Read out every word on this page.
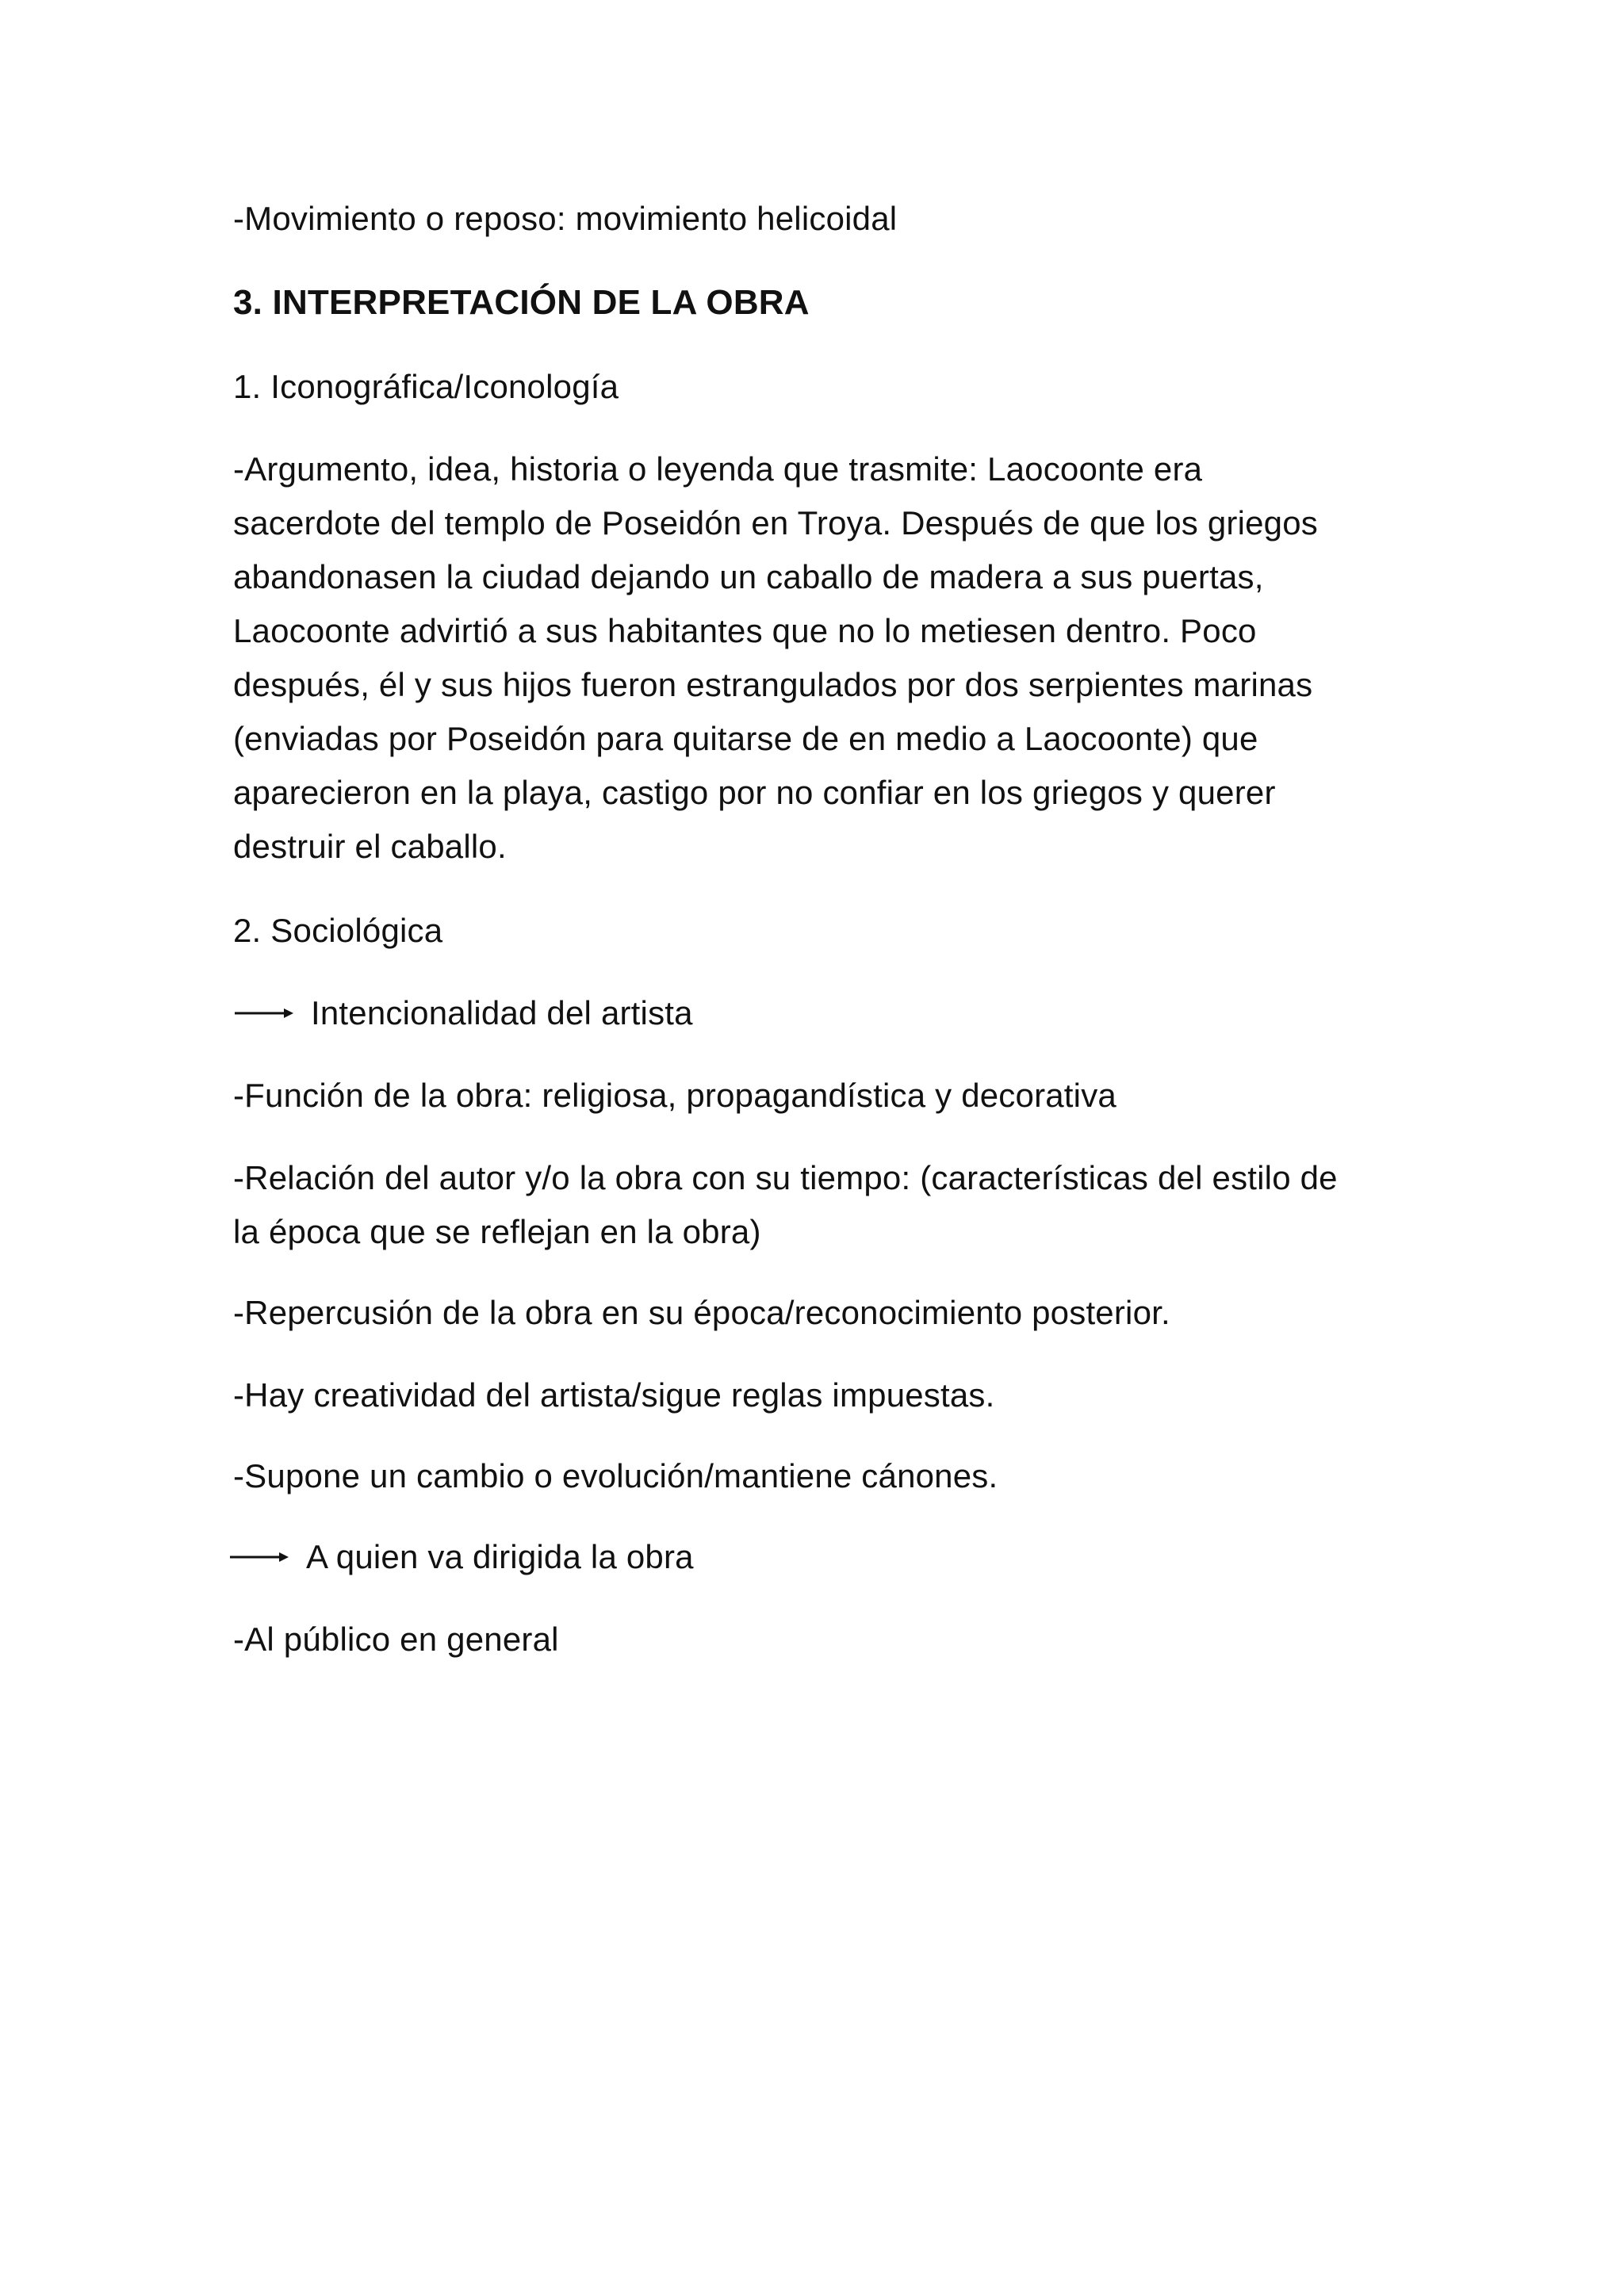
-Movimiento o reposo: movimiento helicoidal
3. INTERPRETACIÓN DE LA OBRA
1. Iconográfica/Iconología
-Argumento, idea, historia o leyenda que trasmite: Laocoonte era
sacerdote del templo de Poseidón en Troya. Después de que los griegos
abandonasen la ciudad dejando un caballo de madera a sus puertas,
Laocoonte advirtió a sus habitantes que no lo metiesen dentro. Poco
después, él y sus hijos fueron estrangulados por dos serpientes marinas
(enviadas por Poseidón para quitarse de en medio a Laocoonte) que
aparecieron en la playa, castigo por no confiar en los griegos y querer
destruir el caballo.
2. Sociológica
Intencionalidad del artista
-Función de la obra: religiosa, propagandística y decorativa
-Relación del autor y/o la obra con su tiempo: (características del estilo de
la época que se reflejan en la obra)
-Repercusión de la obra en su época/reconocimiento posterior.
-Hay creatividad del artista/sigue reglas impuestas.
-Supone un cambio o evolución/mantiene cánones.
A quien va dirigida la obra
-Al público en general
